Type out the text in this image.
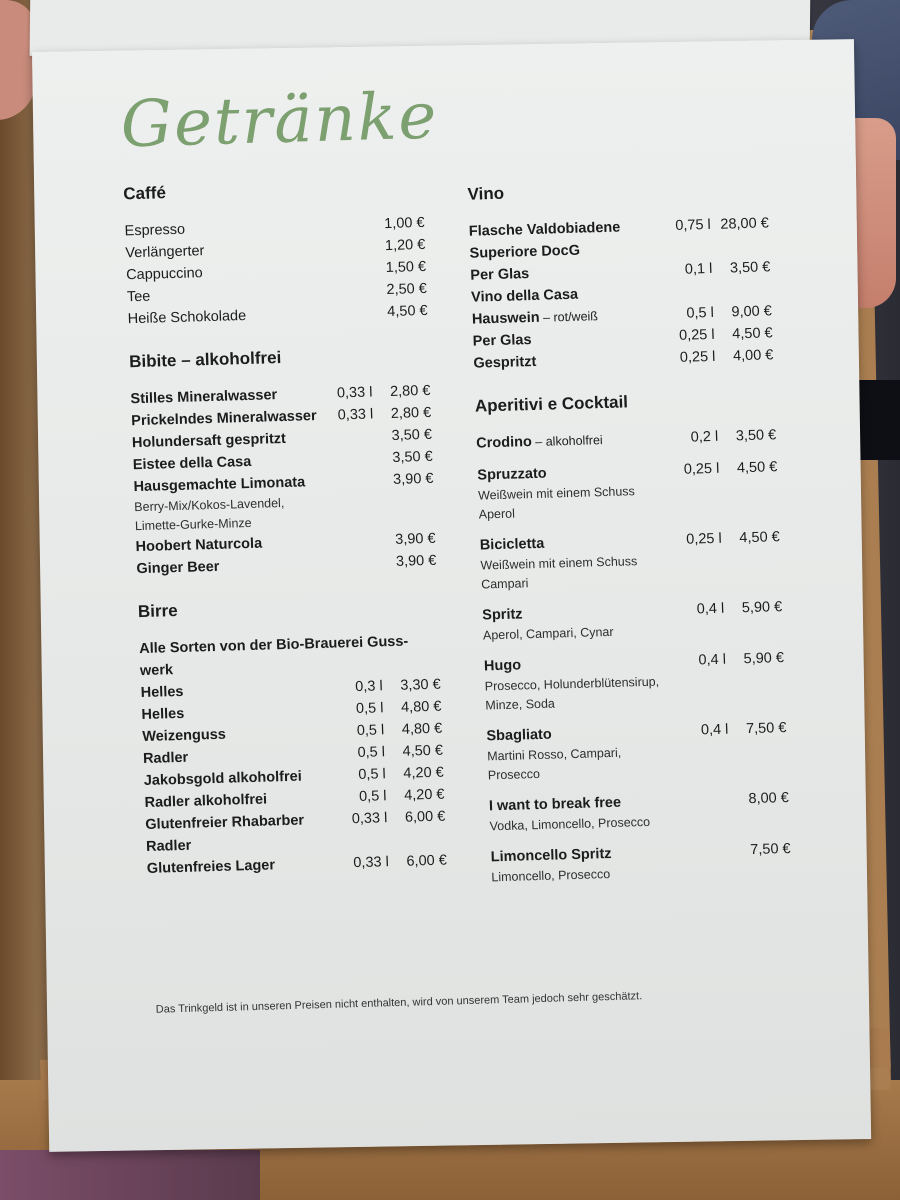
Getränke
Caffé
Espresso	1,00 €
Verlängerter	1,20 €
Cappuccino	1,50 €
Tee	2,50 €
Heiße Schokolade	4,50 €
Bibite – alkoholfrei
Stilles Mineralwasser	0,33 l 2,80 €
Prickelndes Mineralwasser	0,33 l 2,80 €
Holundersaft gespritzt	3,50 €
Eistee della Casa	3,50 €
Hausgemachte Limonata	3,90 €
Berry-Mix/Kokos-Lavendel, Limette-Gurke-Minze
Hoobert Naturcola	3,90 €
Ginger Beer	3,90 €
Birre
Alle Sorten von der Bio-Brauerei Guss-werk
Helles	0,3 l 3,30 €
Helles	0,5 l 4,80 €
Weizenguss	0,5 l 4,80 €
Radler	0,5 l 4,50 €
Jakobsgold alkoholfrei	0,5 l 4,20 €
Radler alkoholfrei	0,5 l 4,20 €
Glutenfreier Rhabarber Radler
0,33 l 6,00 €
Glutenfreies Lager	0,33 l 6,00 €
Vino
Flasche Valdobiadene Superiore DocG
0,75 l 28,00 €
Per Glas	0,1 l 3,50 €
Vino della Casa
Hauswein – rot/weiß	0,5 l 9,00 €
Per Glas	0,25 l 4,50 €
Gespritzt	0,25 l 4,00 €
Aperitivi e Cocktail
Crodino – alkoholfrei	0,2 l 3,50 €
Spruzzato	0,25 l 4,50 €
Weißwein mit einem Schuss Aperol
Bicicletta	0,25 l 4,50 €
Weißwein mit einem Schuss Campari
Spritz	0,4 l 5,90 €
Aperol, Campari, Cynar
Hugo	0,4 l 5,90 €
Prosecco, Holunderblütensirup, Minze, Soda
Sbagliato	0,4 l 7,50 €
Martini Rosso, Campari, Prosecco
I want to break free	8,00 €
Vodka, Limoncello, Prosecco
Limoncello Spritz	7,50 €
Limoncello, Prosecco
Das Trinkgeld ist in unseren Preisen nicht enthalten, wird von unserem Team jedoch sehr geschätzt.
